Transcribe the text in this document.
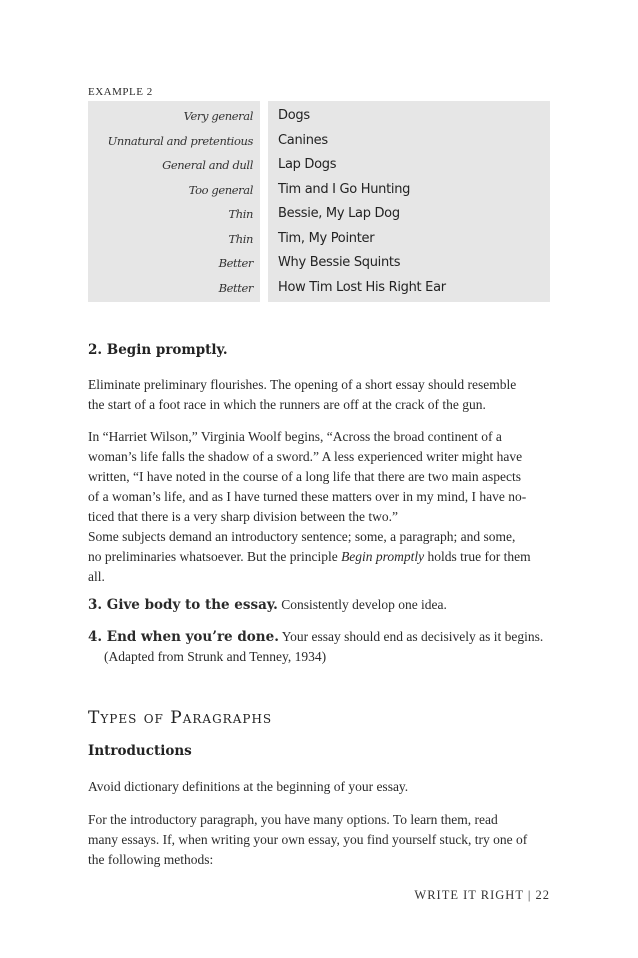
EXAMPLE 2
Very general Dogs
Unnatural and pretentious Canines
General and dull Lap Dogs
Too general Tim and I Go Hunting
Thin Bessie, My Lap Dog
Thin Tim, My Pointer
Better Why Bessie Squints
Better How Tim Lost His Right Ear
2. Begin promptly.
Eliminate preliminary flourishes. The opening of a short essay should resemble
the start of a foot race in which the runners are off at the crack of the gun.
In “Harriet Wilson,” Virginia Woolf begins, “Across the broad continent of a
woman’s life falls the shadow of a sword.” A less experienced writer might have
written, “I have noted in the course of a long life that there are two main aspects
of a woman’s life, and as I have turned these matters over in my mind, I have no-
ticed that there is a very sharp division between the two.”
Some subjects demand an introductory sentence; some, a paragraph; and some,
no preliminaries whatsoever. But the principle Begin promptly holds true for them
all.
3. Give body to the essay. Consistently develop one idea.
4. End when you’re done. Your essay should end as decisively as it begins.
(Adapted from Strunk and Tenney, 1934)
Types of Paragraphs
Introductions
Avoid dictionary definitions at the beginning of your essay.
For the introductory paragraph, you have many options. To learn them, read
many essays. If, when writing your own essay, you find yourself stuck, try one of
the following methods:
WRITE IT RIGHT | 22
